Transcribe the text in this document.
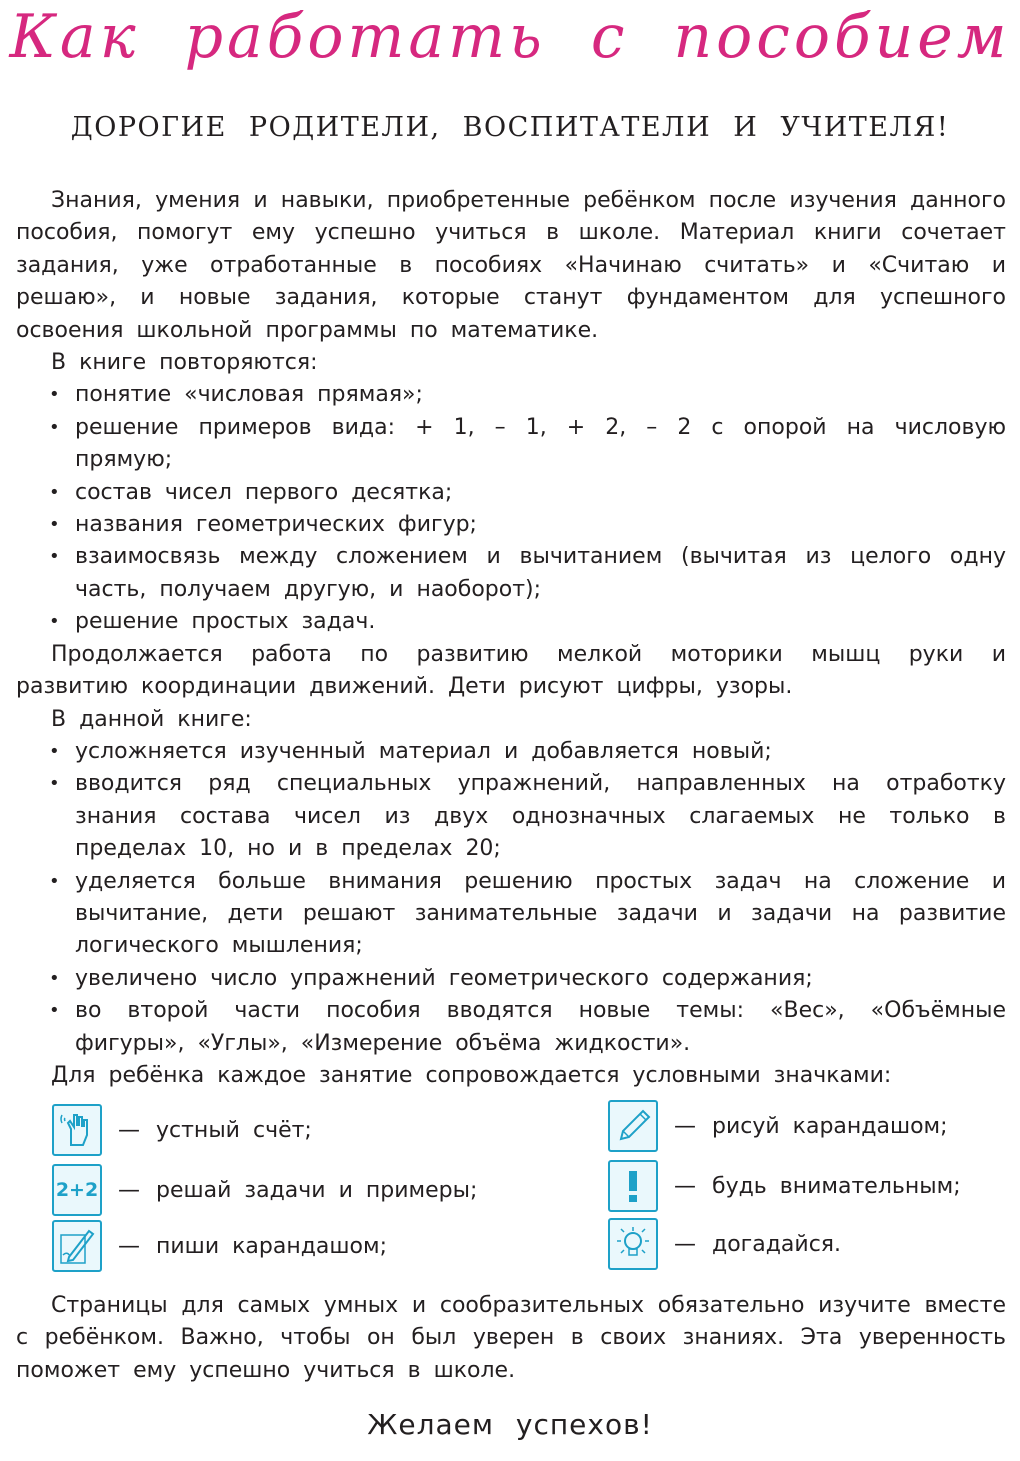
Как работать с пособием
ДОРОГИЕ РОДИТЕЛИ, ВОСПИТАТЕЛИ И УЧИТЕЛЯ!

Знания, умения и навыки, приобретенные ребёнком после изучения данного пособия, помогут ему успешно учиться в школе. Материал книги сочетает задания, уже отработанные в пособиях «Начинаю считать» и «Считаю и решаю», и новые задания, которые станут фундаментом для успешного освоения школьной программы по математике.

В книге повторяются:

• понятие «числовая прямая»;
• решение примеров вида: + 1, – 1, + 2, – 2 с опорой на числовую прямую;
• состав чисел первого десятка;
• названия геометрических фигур;
• взаимосвязь между сложением и вычитанием (вычитая из целого одну часть, получаем другую, и наоборот);
• решение простых задач.

Продолжается работа по развитию мелкой моторики мышц руки и развитию координации движений. Дети рисуют цифры, узоры.

В данной книге:

• усложняется изученный материал и добавляется новый;
• вводится ряд специальных упражнений, направленных на отработку знания состава чисел из двух однозначных слагаемых не только в пределах 10, но и в пределах 20;
• уделяется больше внимания решению простых задач на сложение и вычитание, дети решают занимательные задачи и задачи на развитие логического мышления;
• увеличено число упражнений геометрического содержания;
• во второй части пособия вводятся новые темы: «Вес», «Объёмные фигуры», «Углы», «Измерение объёма жидкости».

Для ребёнка каждое занятие сопровождается условными значками:

— устный счёт;
2+2 — решай задачи и примеры;
— пиши карандашом;
— рисуй карандашом;
— будь внимательным;
— догадайся.

Страницы для самых умных и сообразительных обязательно изучите вместе с ребёнком. Важно, чтобы он был уверен в своих знаниях. Эта уверенность поможет ему успешно учиться в школе.

Желаем успехов!
